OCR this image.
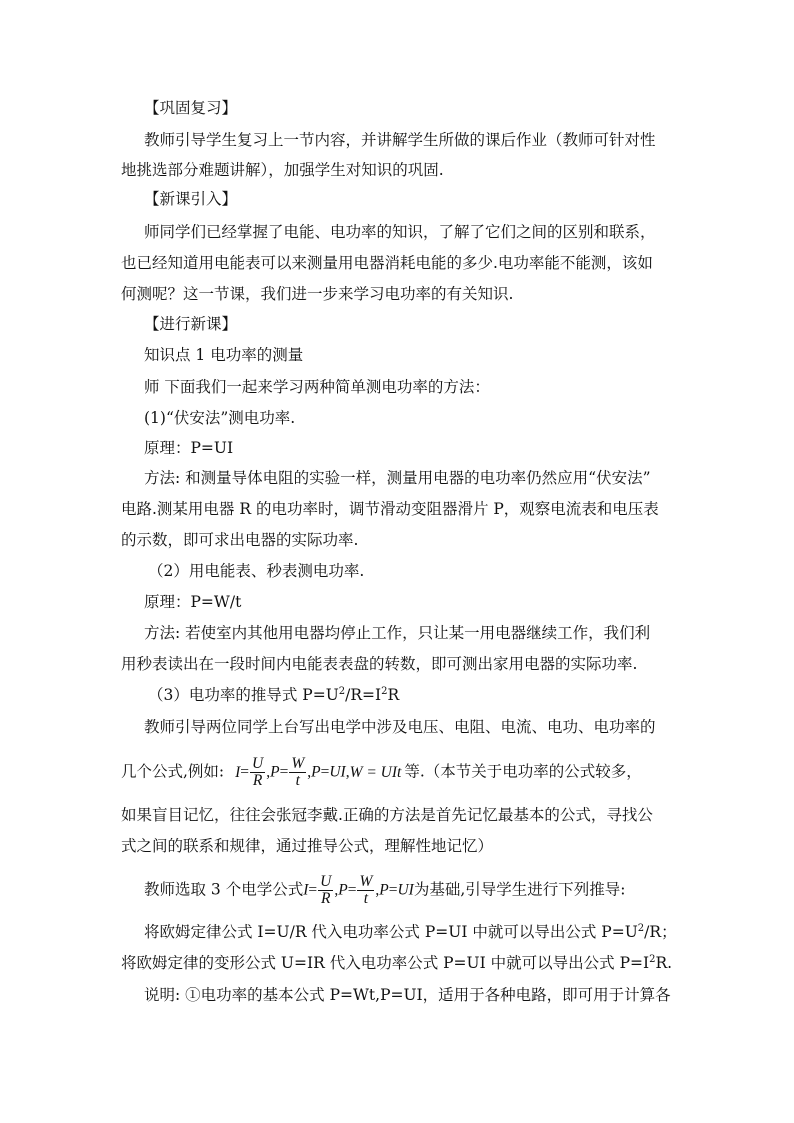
【巩固复习】
教师引导学生复习上一节内容，并讲解学生所做的课后作业（教师可针对性
地挑选部分难题讲解），加强学生对知识的巩固.
【新课引入】
师同学们已经掌握了电能、电功率的知识，了解了它们之间的区别和联系，
也已经知道用电能表可以来测量用电器消耗电能的多少.电功率能不能测，该如
何测呢？这一节课，我们进一步来学习电功率的有关知识.
【进行新课】
知识点 1 电功率的测量
师 下面我们一起来学习两种简单测电功率的方法：
(1)“伏安法”测电功率.
原理：P=UI
方法: 和测量导体电阻的实验一样，测量用电器的电功率仍然应用“伏安法”
电路.测某用电器 R 的电功率时，调节滑动变阻器滑片 P，观察电流表和电压表
的示数，即可求出电器的实际功率.
（2）用电能表、秒表测电功率.
原理：P=W/t
方法: 若使室内其他用电器均停止工作，只让某一用电器继续工作，我们利
用秒表读出在一段时间内电能表表盘的转数，即可测出家用电器的实际功率.
（3）电功率的推导式 $P=U^2/R=I^2R$
教师引导两位同学上台写出电学中涉及电压、电阻、电流、电功、电功率的
几个公式,例如: $I= \frac{U}{R} ,P= \frac{W}{t} ,P=UI,W$ = UIt 等.（本节关于电功率的公式较多，
如果盲目记忆，往往会张冠李戴.正确的方法是首先记忆最基本的公式，寻找公
式之间的联系和规律，通过推导公式，理解性地记忆）
教师选取 3 个电学公式$I= \frac{U}{R} ,P= \frac{W}{t} ,P=UI$为基础,引导学生进行下列推导:
将欧姆定律公式 I=U/R 代入电功率公式 P=UI 中就可以导出公式 $P=U^2/R$；
将欧姆定律的变形公式 U=IR 代入电功率公式 P=UI 中就可以导出公式 $P=I^2R$.
说明: ①电功率的基本公式 P=Wt,P=UI，适用于各种电路，即可用于计算各
